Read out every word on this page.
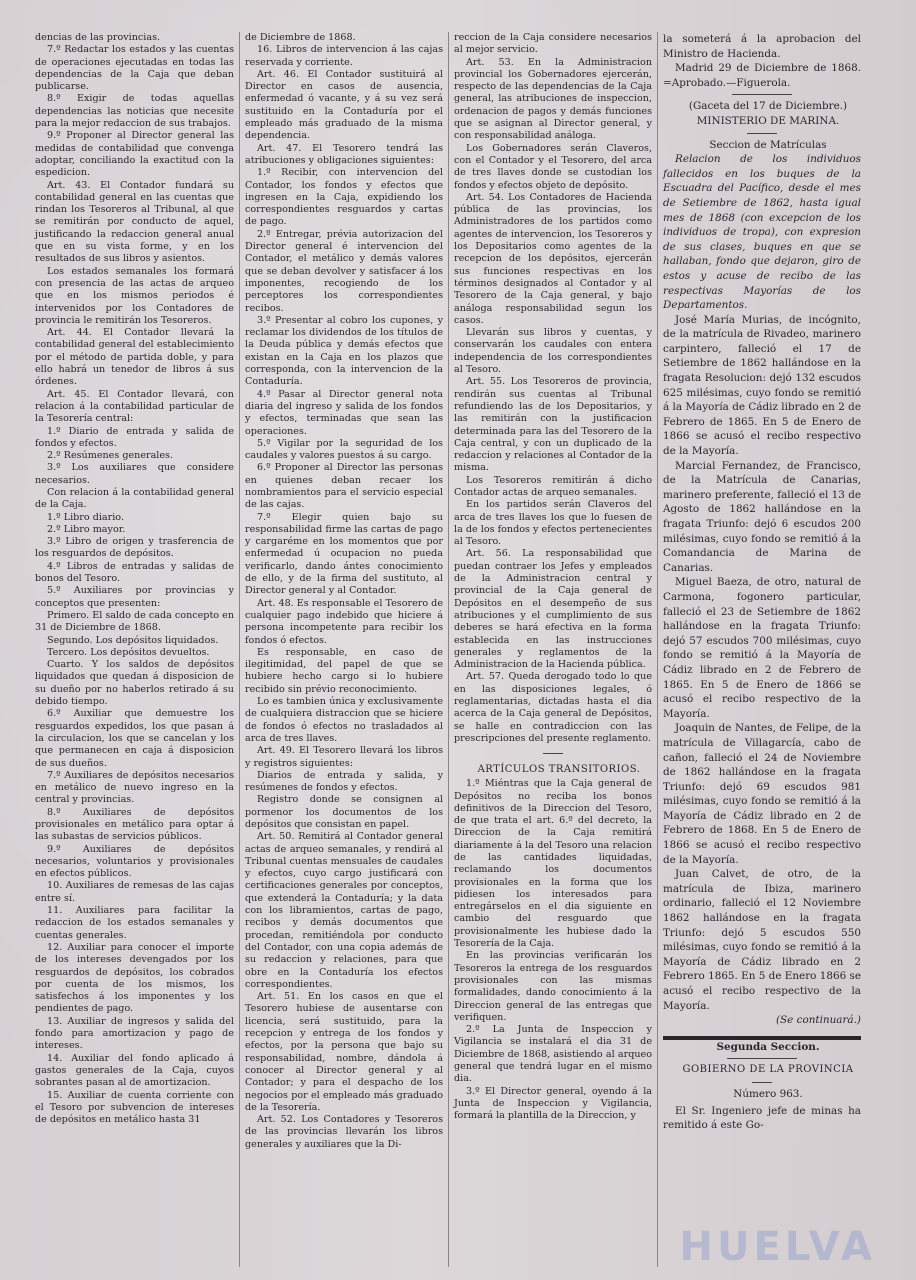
dencias de las provincias.

7.º Redactar los estados y las cuentas de operaciones ejecutadas en todas las dependencias de la Caja que deban publicarse.

8.º Exigir de todas aquellas dependencias las noticias que necesite para la mejor redaccion de sus trabajos.

9.º Proponer al Director general las medidas de contabilidad que convenga adoptar, conciliando la exactitud con la espedicion.

Art. 43. El Contador fundará su contabilidad general en las cuentas que rindan los Tesoreros al Tribunal, al que se remitirán por conducto de aquel, justificando la redaccion general anual que en su vista forme, y en los resultados de sus libros y asientos.

Los estados semanales los formará con presencia de las actas de arqueo que en los mismos periodos é intervenidos por los Contadores de provincia le remitirán los Tesoreros.

Art. 44. El Contador llevará la contabilidad general del establecimiento por el método de partida doble, y para ello habrá un tenedor de libros á sus órdenes.

Art. 45. El Contador llevará, con relacion á la contabilidad particular de la Tesorería central:

1.º Diario de entrada y salida de fondos y efectos.

2.º Resúmenes generales.

3.º Los auxiliares que considere necesarios.

Con relacion á la contabilidad general de la Caja.

1.º Libro diario.

2.º Libro mayor.

3.º Libro de origen y trasferencia de los resguardos de depósitos.

4.º Libros de entradas y salidas de bonos del Tesoro.

5.º Auxiliares por provincias y conceptos que presenten:

Primero. El saldo de cada concepto en 31 de Diciembre de 1868.

Segundo. Los depósitos liquidados.

Tercero. Los depósitos devueltos.

Cuarto. Y los saldos de depósitos liquidados que quedan á disposicion de su dueño por no haberlos retirado á su debido tiempo.

6.º Auxiliar que demuestre los resguardos expedidos, los que pasan á la circulacion, los que se cancelan y los que permanecen en caja á disposicion de sus dueños.

7.º Auxiliares de depósitos necesarios en metálico de nuevo ingreso en la central y provincias.

8.º Auxiliares de depósitos provisionales en metálico para optar á las subastas de servicios públicos.

9.º Auxiliares de depósitos necesarios, voluntarios y provisionales en efectos públicos.

10. Auxiliares de remesas de las cajas entre sí.

11. Auxiliares para facilitar la redaccion de los estados semanales y cuentas generales.

12. Auxiliar para conocer el importe de los intereses devengados por los resguardos de depósitos, los cobrados por cuenta de los mismos, los satisfechos á los imponentes y los pendientes de pago.

13. Auxiliar de ingresos y salida del fondo para amortizacion y pago de intereses.

14. Auxiliar del fondo aplicado á gastos generales de la Caja, cuyos sobrantes pasan al de amortizacion.

15. Auxiliar de cuenta corriente con el Tesoro por subvencion de intereses de depósitos en metálico hasta 31

de Diciembre de 1868.

16. Libros de intervencion á las cajas reservada y corriente.

Art. 46. El Contador sustituirá al Director en casos de ausencia, enfermedad ó vacante, y á su vez será sustituido en la Contaduría por el empleado más graduado de la misma dependencia.

Art. 47. El Tesorero tendrá las atribuciones y obligaciones siguientes:

1.º Recibir, con intervencion del Contador, los fondos y efectos que ingresen en la Caja, expidiendo los correspondientes resguardos y cartas de pago.

2.º Entregar, prévia autorizacion del Director general é intervencion del Contador, el metálico y demás valores que se deban devolver y satisfacer á los imponentes, recogiendo de los perceptores los correspondientes recibos.

3.º Presentar al cobro los cupones, y reclamar los dividendos de los títulos de la Deuda pública y demás efectos que existan en la Caja en los plazos que corresponda, con la intervencion de la Contaduría.

4.º Pasar al Director general nota diaria del ingreso y salida de los fondos y efectos, terminadas que sean las operaciones.

5.º Vigilar por la seguridad de los caudales y valores puestos á su cargo.

6.º Proponer al Director las personas en quienes deban recaer los nombramientos para el servicio especial de las cajas.

7.º Elegir quien bajo su responsabilidad firme las cartas de pago y cargaréme en los momentos que por enfermedad ú ocupacion no pueda verificarlo, dando ántes conocimiento de ello, y de la firma del sustituto, al Director general y al Contador.

Art. 48. Es responsable el Tesorero de cualquier pago indebido que hiciere á persona incompetente para recibir los fondos ó efectos.

Es responsable, en caso de ilegitimidad, del papel de que se hubiere hecho cargo si lo hubiere recibido sin prévio reconocimiento.

Lo es tambien única y exclusivamente de cualquiera distraccion que se hiciere de fondos ó efectos no trasladados al arca de tres llaves.

Art. 49. El Tesorero llevará los libros y registros siguientes:

Diarios de entrada y salida, y resúmenes de fondos y efectos.

Registro donde se consignen al pormenor los documentos de los depósitos que consistan en papel.

Art. 50. Remitirá al Contador general actas de arqueo semanales, y rendirá al Tribunal cuentas mensuales de caudales y efectos, cuyo cargo justificará con certificaciones generales por conceptos, que extenderá la Contaduría; y la data con los libramientos, cartas de pago, recibos y demás documentos que procedan, remitiéndola por conducto del Contador, con una copia además de su redaccion y relaciones, para que obre en la Contaduría los efectos correspondientes.

Art. 51. En los casos en que el Tesorero hubiese de ausentarse con licencia, será sustituido, para la recepcion y entrega de los fondos y efectos, por la persona que bajo su responsabilidad, nombre, dándola á conocer al Director general y al Contador; y para el despacho de los negocios por el empleado más graduado de la Tesorería.

Art. 52. Los Contadores y Tesoreros de las provincias llevarán los libros generales y auxiliares que la Di-

reccion de la Caja considere necesarios al mejor servicio.

Art. 53. En la Administracion provincial los Gobernadores ejercerán, respecto de las dependencias de la Caja general, las atribuciones de inspeccion, ordenacion de pagos y demás funciones que se asignan al Director general, y con responsabilidad análoga.

Los Gobernadores serán Claveros, con el Contador y el Tesorero, del arca de tres llaves donde se custodian los fondos y efectos objeto de depósito.

Art. 54. Los Contadores de Hacienda pública de las provincias, los Administradores de los partidos como agentes de intervencion, los Tesoreros y los Depositarios como agentes de la recepcion de los depósitos, ejercerán sus funciones respectivas en los términos designados al Contador y al Tesorero de la Caja general, y bajo análoga responsabilidad segun los casos.

Llevarán sus libros y cuentas, y conservarán los caudales con entera independencia de los correspondientes al Tesoro.

Art. 55. Los Tesoreros de provincia, rendirán sus cuentas al Tribunal refundiendo las de los Depositarios, y las remitirán con la justificacion determinada para las del Tesorero de la Caja central, y con un duplicado de la redaccion y relaciones al Contador de la misma.

Los Tesoreros remitirán á dicho Contador actas de arqueo semanales.

En los partidos serán Claveros del arca de tres llaves los que lo fuesen de la de los fondos y efectos pertenecientes al Tesoro.

Art. 56. La responsabilidad que puedan contraer los Jefes y empleados de la Administracion central y provincial de la Caja general de Depósitos en el desempeño de sus atribuciones y el cumplimiento de sus deberes se hará efectiva en la forma establecida en las instrucciones generales y reglamentos de la Administracion de la Hacienda pública.

Art. 57. Queda derogado todo lo que en las disposiciones legales, ó reglamentarias, dictadas hasta el dia acerca de la Caja general de Depósitos, se halle en contradiccion con las prescripciones del presente reglamento.

ARTÍCULOS TRANSITORIOS.

1.º Miéntras que la Caja general de Depósitos no reciba los bonos definitivos de la Direccion del Tesoro, de que trata el art. 6.º del decreto, la Direccion de la Caja remitirá diariamente á la del Tesoro una relacion de las cantidades liquidadas, reclamando los documentos provisionales en la forma que los pidiesen los interesados para entregárselos en el dia siguiente en cambio del resguardo que provisionalmente les hubiese dado la Tesorería de la Caja.

En las provincias verificarán los Tesoreros la entrega de los resguardos provisionales con las mismas formalidades, dando conocimiento á la Direccion general de las entregas que verifiquen.

2.º La Junta de Inspeccion y Vigilancia se instalará el dia 31 de Diciembre de 1868, asistiendo al arqueo general que tendrá lugar en el mismo dia.

3.º El Director general, oyendo á la Junta de Inspeccion y Vigilancia, formará la plantilla de la Direccion, y

la someterá á la aprobacion del Ministro de Hacienda.

Madrid 29 de Diciembre de 1868. =Aprobado.—Figuerola.

(Gaceta del 17 de Diciembre.)

MINISTERIO DE MARINA.

Seccion de Matrículas

Relacion de los individuos fallecidos en los buques de la Escuadra del Pacífico, desde el mes de Setiembre de 1862, hasta igual mes de 1868 (con excepcion de los individuos de tropa), con expresion de sus clases, buques en que se hallaban, fondo que dejaron, giro de estos y acuse de recibo de las respectivas Mayorías de los Departamentos.

José María Murias, de incógnito, de la matrícula de Rivadeo, marinero carpintero, falleció el 17 de Setiembre de 1862 hallándose en la fragata Resolucion: dejó 132 escudos 625 milésimas, cuyo fondo se remitió á la Mayoría de Cádiz librado en 2 de Febrero de 1865. En 5 de Enero de 1866 se acusó el recibo respectivo de la Mayoría.

Marcial Fernandez, de Francisco, de la Matrícula de Canarias, marinero preferente, falleció el 13 de Agosto de 1862 hallándose en la fragata Triunfo: dejó 6 escudos 200 milésimas, cuyo fondo se remitió á la Comandancia de Marina de Canarias.

Miguel Baeza, de otro, natural de Carmona, fogonero particular, falleció el 23 de Setiembre de 1862 hallándose en la fragata Triunfo: dejó 57 escudos 700 milésimas, cuyo fondo se remitió á la Mayoría de Cádiz librado en 2 de Febrero de 1865. En 5 de Enero de 1866 se acusó el recibo respectivo de la Mayoría.

Joaquin de Nantes, de Felipe, de la matrícula de Villagarcía, cabo de cañon, falleció el 24 de Noviembre de 1862 hallándose en la fragata Triunfo: dejó 69 escudos 981 milésimas, cuyo fondo se remitió á la Mayoría de Cádiz librado en 2 de Febrero de 1868. En 5 de Enero de 1866 se acusó el recibo respectivo de la Mayoría.

Juan Calvet, de otro, de la matrícula de Ibiza, marinero ordinario, falleció el 12 Noviembre 1862 hallándose en la fragata Triunfo: dejó 5 escudos 550 milésimas, cuyo fondo se remitió á la Mayoría de Cádiz librado en 2 Febrero 1865. En 5 de Enero 1866 se acusó el recibo respectivo de la Mayoría.

(Se continuará.)

Segunda Seccion.

GOBIERNO DE LA PROVINCIA

Número 963.

El Sr. Ingeniero jefe de minas ha remitido á este Go-

HUELVA
